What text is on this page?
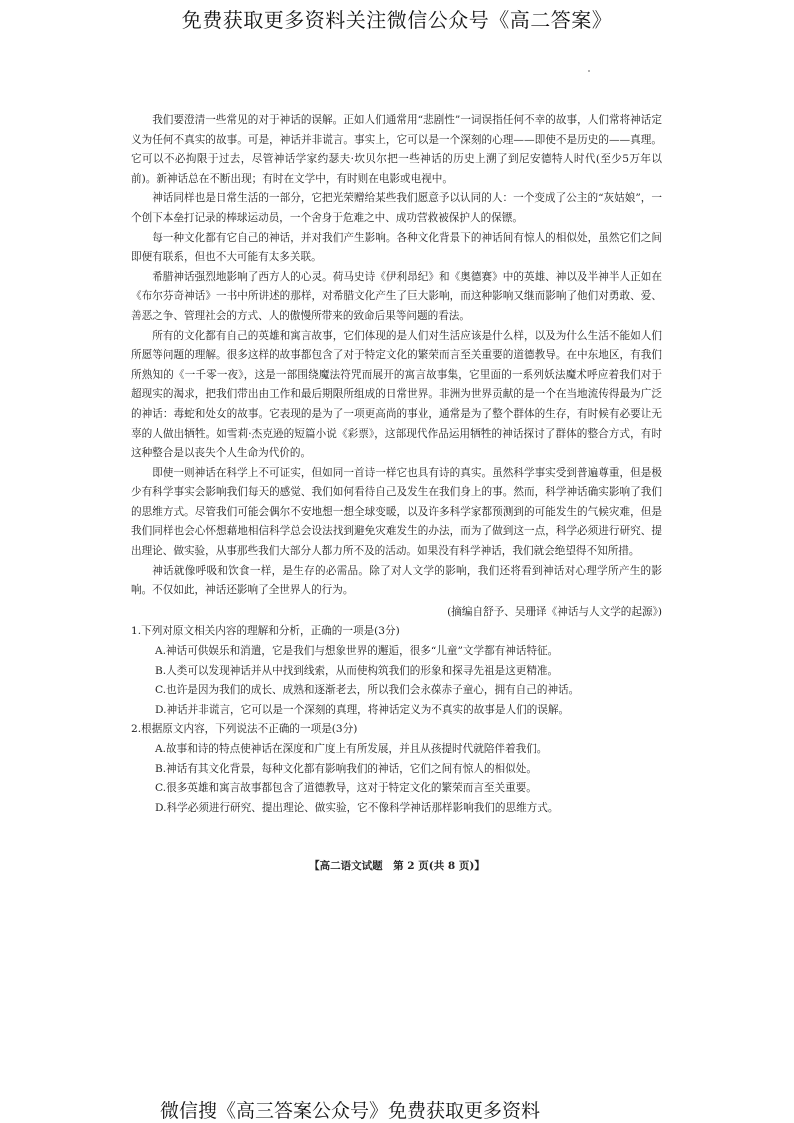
免费获取更多资料关注微信公众号《高二答案》

我们要澄清一些常见的对于神话的误解。正如人们通常用“悲剧性”一词误指任何不幸的故事，人们常将神话定义为任何不真实的故事。可是，神话并非谎言。事实上，它可以是一个深刻的心理——即使不是历史的——真理。它可以不必拘限于过去，尽管神话学家约瑟夫·坎贝尔把一些神话的历史上溯了到尼安德特人时代(至少5万年以前)。新神话总在不断出现；有时在文学中，有时则在电影或电视中。

神话同样也是日常生活的一部分，它把光荣赠给某些我们愿意予以认同的人：一个变成了公主的“灰姑娘”，一个创下本垒打记录的棒球运动员，一个舍身于危难之中、成功营救被保护人的保镖。

每一种文化都有它自己的神话，并对我们产生影响。各种文化背景下的神话间有惊人的相似处，虽然它们之间即便有联系，但也不大可能有太多关联。

希腊神话强烈地影响了西方人的心灵。荷马史诗《伊利昂纪》和《奥德赛》中的英雄、神以及半神半人正如在《布尔芬奇神话》一书中所讲述的那样，对希腊文化产生了巨大影响，而这种影响又继而影响了他们对勇敢、爱、善恶之争、管理社会的方式、人的傲慢所带来的致命后果等问题的看法。

所有的文化都有自己的英雄和寓言故事，它们体现的是人们对生活应该是什么样，以及为什么生活不能如人们所愿等问题的理解。很多这样的故事都包含了对于特定文化的繁荣而言至关重要的道德教导。在中东地区，有我们所熟知的《一千零一夜》，这是一部围绕魔法符咒而展开的寓言故事集，它里面的一系列妖法魔术呼应着我们对于超现实的渴求，把我们带出由工作和最后期限所组成的日常世界。非洲为世界贡献的是一个在当地流传得最为广泛的神话：毒蛇和处女的故事。它表现的是为了一项更高尚的事业，通常是为了整个群体的生存，有时候有必要让无辜的人做出牺牲。如雪莉·杰克逊的短篇小说《彩票》，这部现代作品运用牺牲的神话探讨了群体的整合方式，有时这种整合是以丧失个人生命为代价的。

即使一则神话在科学上不可证实，但如同一首诗一样它也具有诗的真实。虽然科学事实受到普遍尊重，但是极少有科学事实会影响我们每天的感觉、我们如何看待自己及发生在我们身上的事。然而，科学神话确实影响了我们的思维方式。尽管我们可能会偶尔不安地想一想全球变暖，以及许多科学家都预测到的可能发生的气候灾难，但是我们同样也会心怀想藉地相信科学总会设法找到避免灾难发生的办法，而为了做到这一点，科学必须进行研究、提出理论、做实验，从事那些我们大部分人都力所不及的活动。如果没有科学神话，我们就会绝望得不知所措。

神话就像呼吸和饮食一样，是生存的必需品。除了对人文学的影响，我们还将看到神话对心理学所产生的影响。不仅如此，神话还影响了全世界人的行为。

(摘编自舒予、吴珊译《神话与人文学的起源》)
1.下列对原文相关内容的理解和分析，正确的一项是(3分)
A.神话可供娱乐和消遣，它是我们与想象世界的邂逅，很多“儿童”文学都有神话特征。
B.人类可以发现神话并从中找到线索，从而使构筑我们的形象和探寻先祖是这更精准。
C.也许是因为我们的成长、成熟和逐渐老去，所以我们会永葆赤子童心，拥有自己的神话。
D.神话并非谎言，它可以是一个深刻的真理，将神话定义为不真实的故事是人们的误解。
2.根据原文内容，下列说法不正确的一项是(3分)
A.故事和诗的特点使神话在深度和广度上有所发展，并且从孩提时代就陪伴着我们。
B.神话有其文化背景，每种文化都有影响我们的神话，它们之间有惊人的相似处。
C.很多英雄和寓言故事都包含了道德教导，这对于特定文化的繁荣而言至关重要。
D.科学必须进行研究、提出理论、做实验，它不像科学神话那样影响我们的思维方式。
【高二语文试题　第 2 页(共 8 页)】
微信搜《高三答案公众号》免费获取更多资料
